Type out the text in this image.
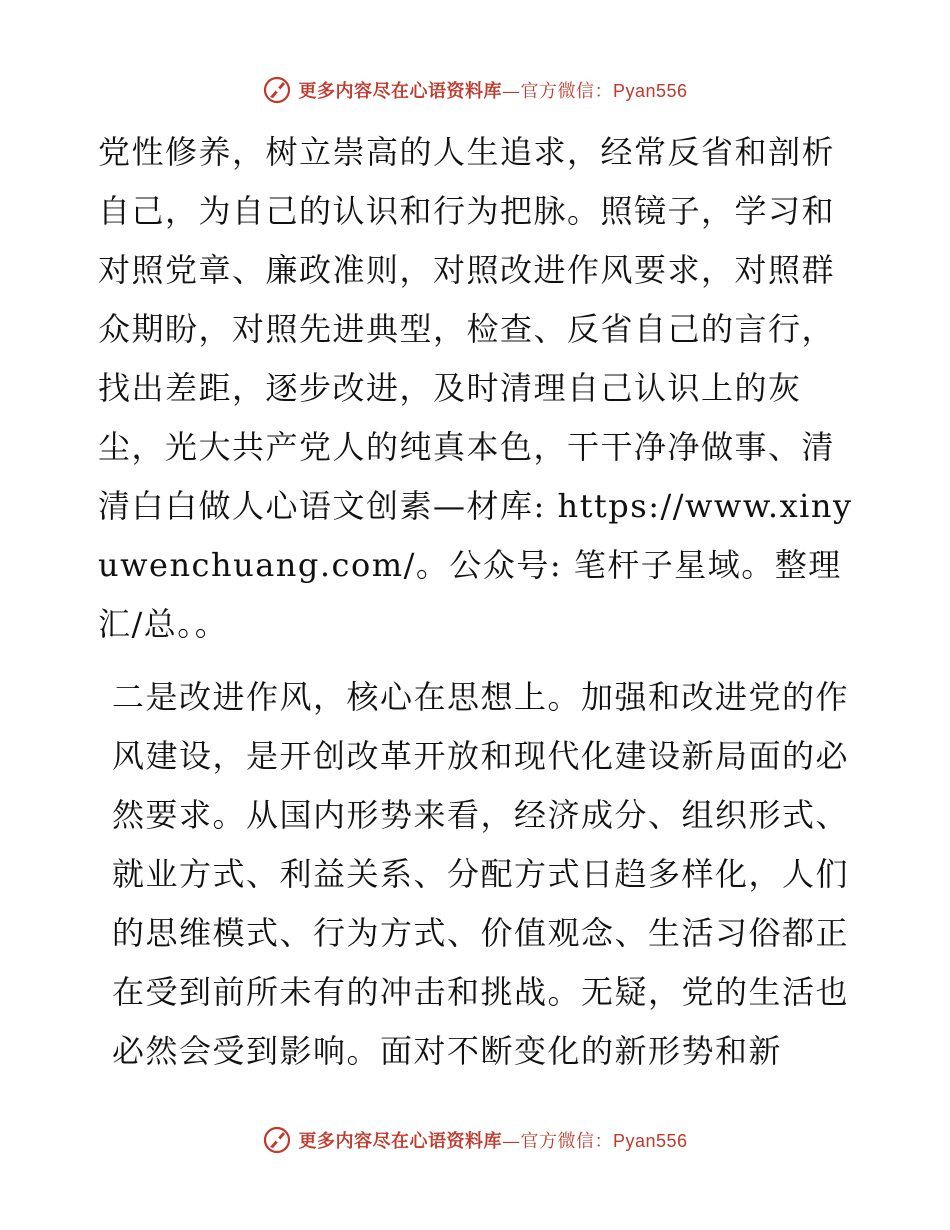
更多内容尽在心语资料库—官方微信：Pyan556

党性修养，树立崇高的人生追求，经常反省和剖析自己，为自己的认识和行为把脉。照镜子，学习和对照党章、廉政准则，对照改进作风要求，对照群众期盼，对照先进典型，检查、反省自己的言行，找出差距，逐步改进，及时清理自己认识上的灰尘，光大共产党人的纯真本色，干干净净做事、清清白白做人心语文创素—材库: https://www.xinyuwenchuang.com/。公众号: 笔杆子星域。整理汇/总。。

二是改进作风，核心在思想上。加强和改进党的作风建设，是开创改革开放和现代化建设新局面的必然要求。从国内形势来看，经济成分、组织形式、就业方式、利益关系、分配方式日趋多样化，人们的思维模式、行为方式、价值观念、生活习俗都正在受到前所未有的冲击和挑战。无疑，党的生活也必然会受到影响。面对不断变化的新形势和新

更多内容尽在心语资料库—官方微信：Pyan556
